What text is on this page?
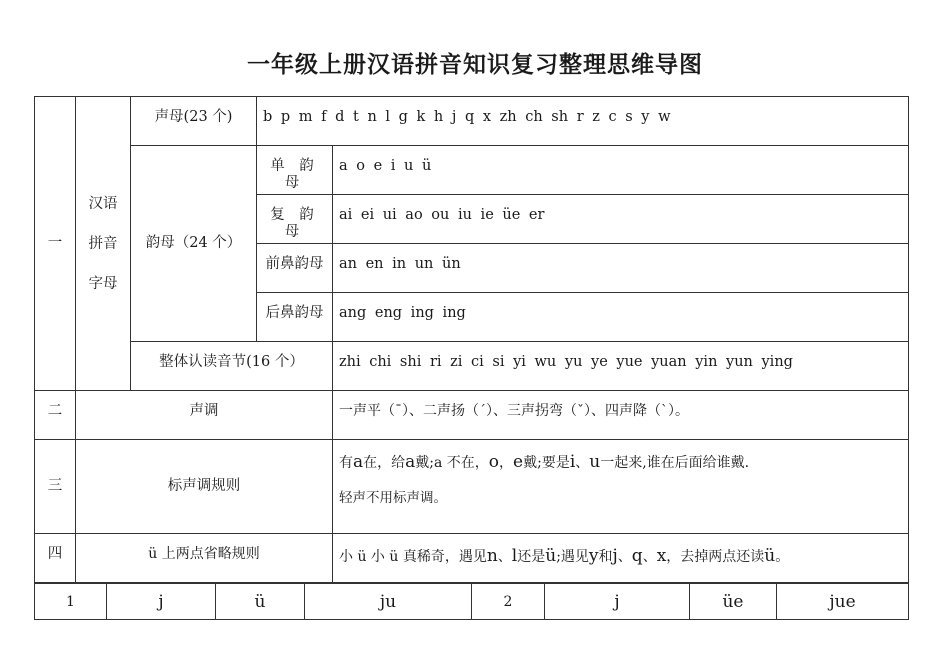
一年级上册汉语拼音知识复习整理思维导图
一	汉语
拼音
字母	声母(23 个)	b p m f d t n l g k h j q x zh ch sh r z c s y w	
		韵母（24 个）	单 韵 母	a o e i u ü
			复 韵 母	ai ei ui ao ou iu ie üe er
			前鼻韵母	an en in un ün
			后鼻韵母	ang eng ing ing
		整体认读音节(16 个）		zhi chi shi ri zi ci si yi wu yu ye yue yuan yin yun ying
二	声调			一声平（ˉ）、二声扬（ˊ）、三声拐弯（ˇ）、四声降（ˋ）。
三	标声调规则			有a在，给a戴;a 不在，o，e戴;要是i、u一起来,谁在后面给谁戴.
轻声不用标声调。

四	ü 上两点省略规则			小 ü 小 ü 真稀奇，遇见n、l还是ü;遇见y和j、q、x，去掉两点还读ü。
1	j	ü	ju	2	j	üe	jue
